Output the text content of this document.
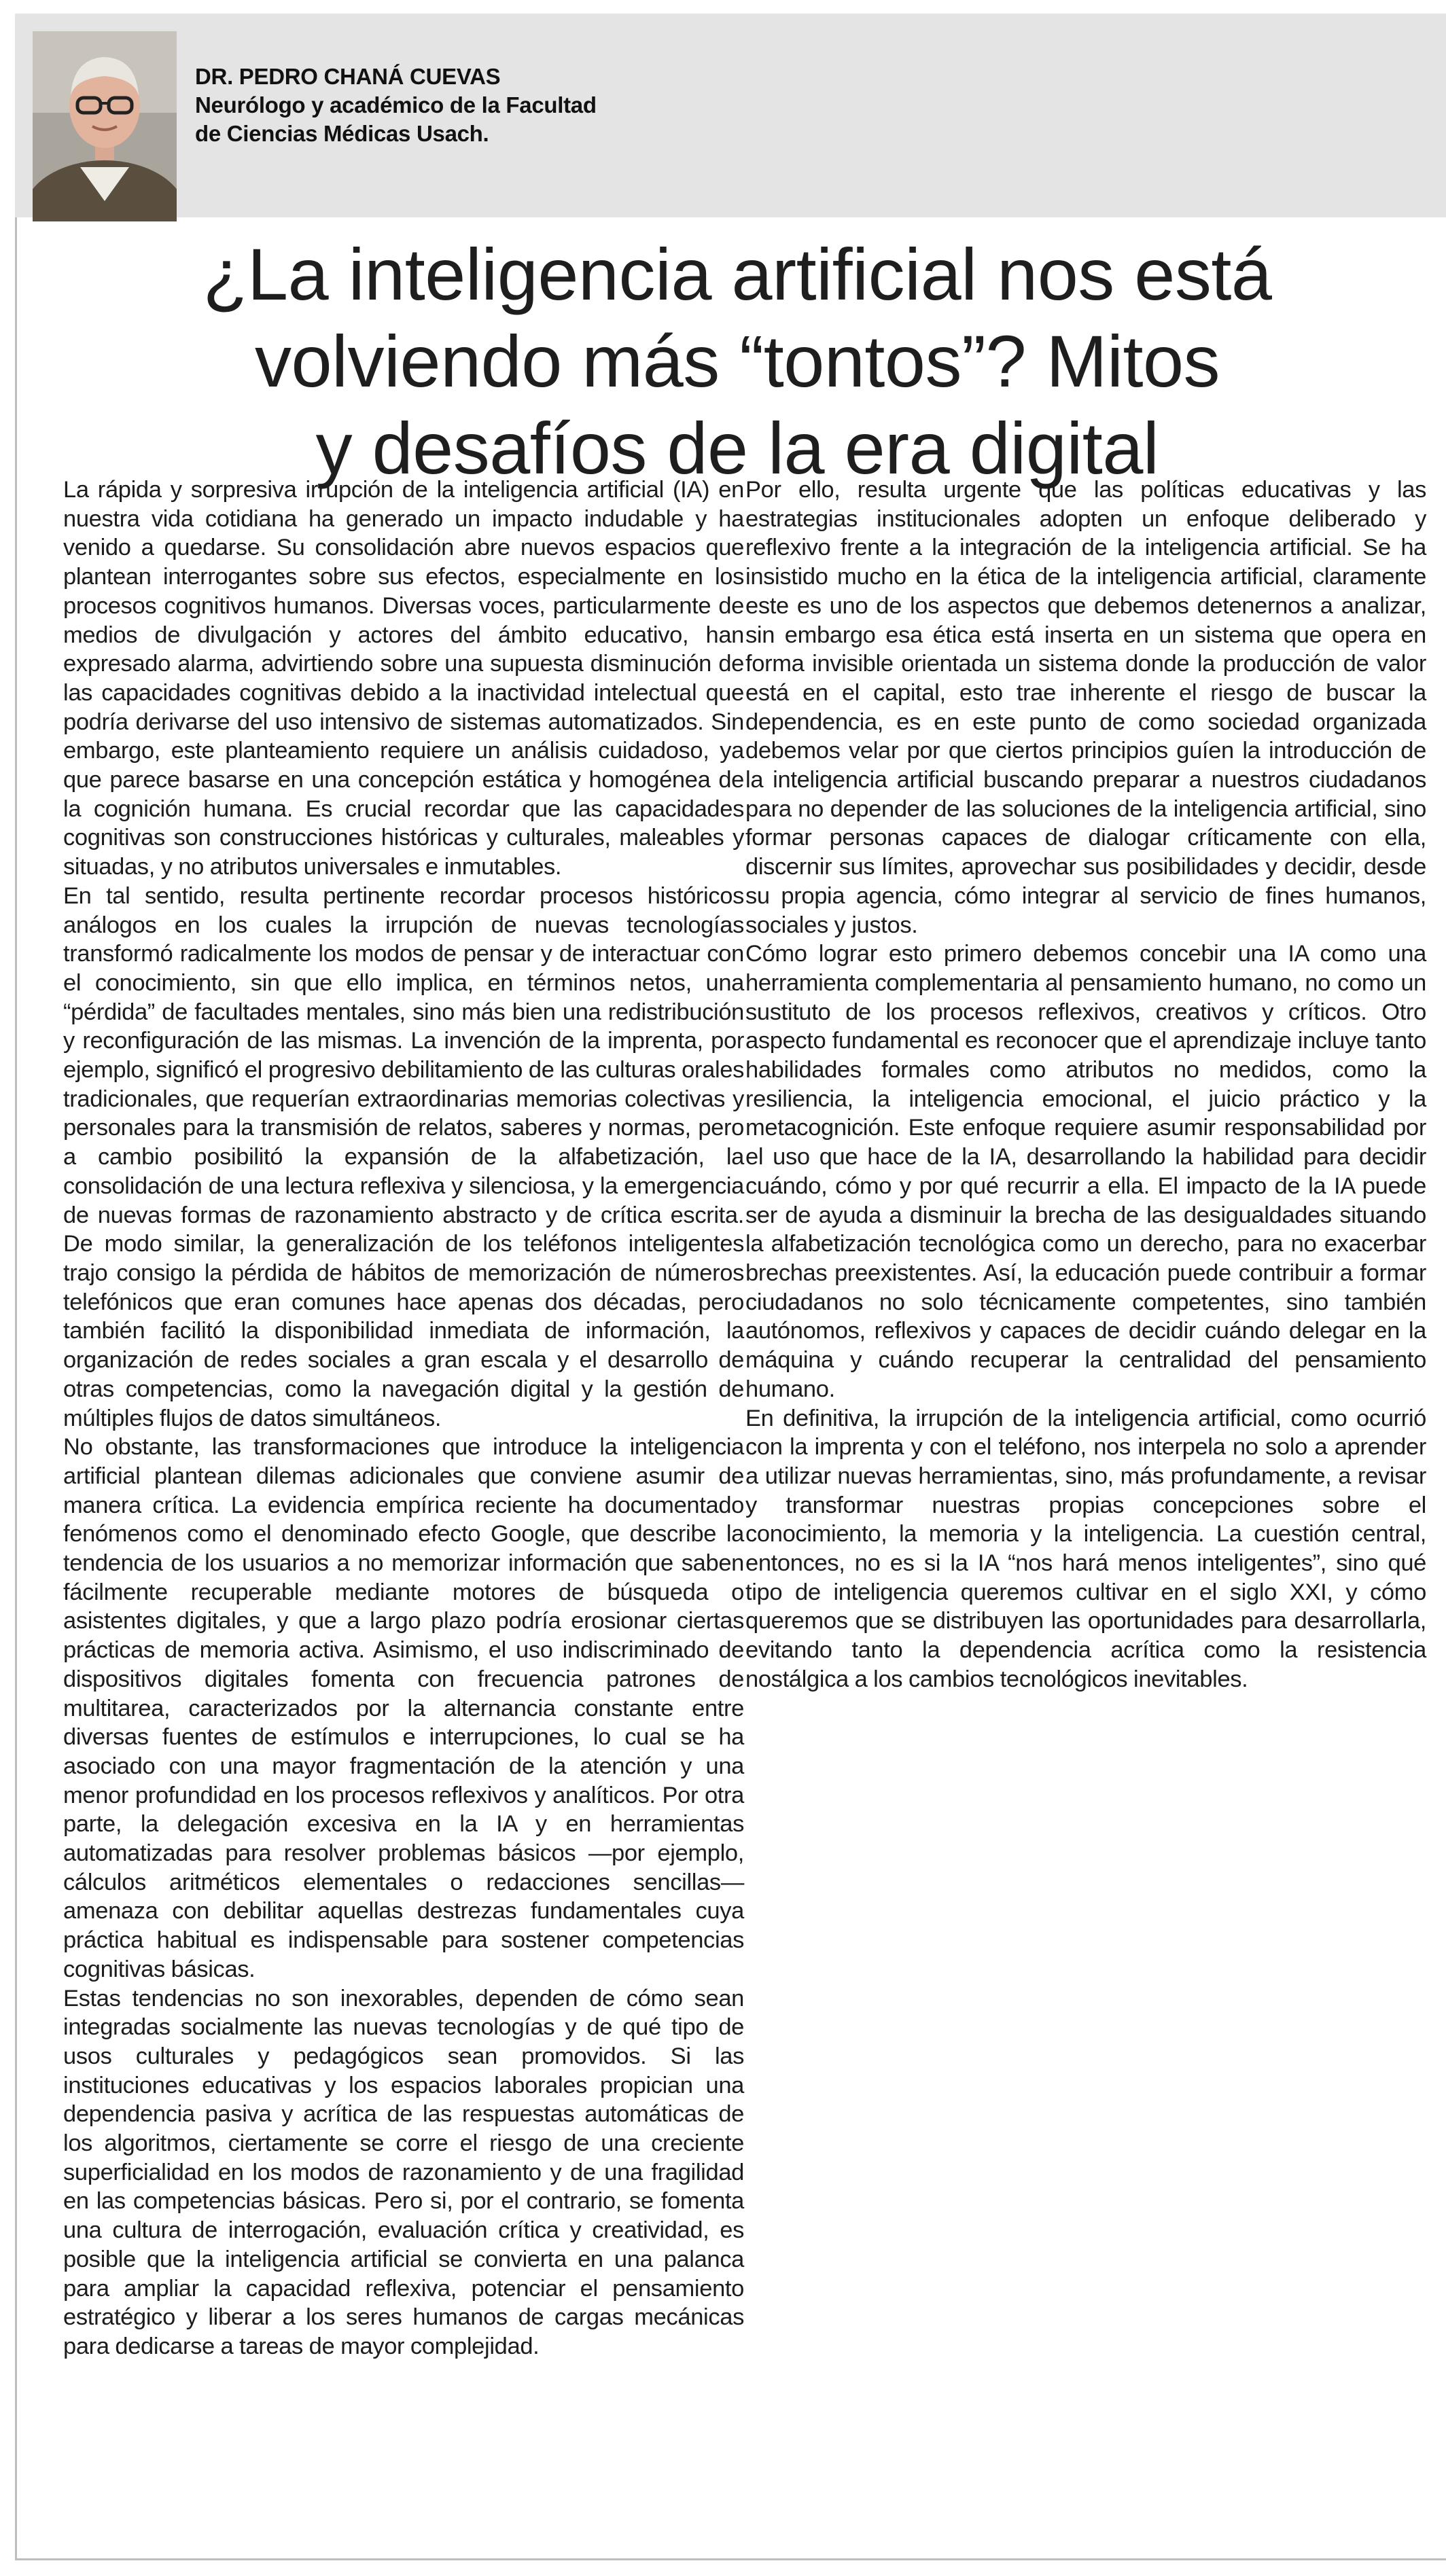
DR. PEDRO CHANÁ CUEVAS
Neurólogo y académico de la Facultad
de Ciencias Médicas Usach.
¿La inteligencia artificial nos está
volviendo más “tontos”? Mitos
y desafíos de la era digital

La rápida y sorpresiva irrupción de la inteligencia artificial (IA) en nuestra vida cotidiana ha generado un impacto indudable y ha venido a quedarse. Su consolidación abre nuevos espacios que plantean interrogantes sobre sus efectos, especialmente en los procesos cognitivos humanos. Diversas voces, particularmente de medios de divulgación y actores del ámbito educativo, han expresado alarma, advirtiendo sobre una supuesta disminución de las capacidades cognitivas debido a la inactividad intelectual que podría derivarse del uso intensivo de sistemas automatizados. Sin embargo, este planteamiento requiere un análisis cuidadoso, ya que parece basarse en una concepción estática y homogénea de la cognición humana. Es crucial recordar que las capacidades cognitivas son construcciones históricas y culturales, maleables y situadas, y no atributos universales e inmutables.

En tal sentido, resulta pertinente recordar procesos históricos análogos en los cuales la irrupción de nuevas tecnologías transformó radicalmente los modos de pensar y de interactuar con el conocimiento, sin que ello implica, en términos netos, una “pérdida” de facultades mentales, sino más bien una redistribución y reconfiguración de las mismas. La invención de la imprenta, por ejemplo, significó el progresivo debilitamiento de las culturas orales tradicionales, que requerían extraordinarias memorias colectivas y personales para la transmisión de relatos, saberes y normas, pero a cambio posibilitó la expansión de la alfabetización, la consolidación de una lectura reflexiva y silenciosa, y la emergencia de nuevas formas de razonamiento abstracto y de crítica escrita. De modo similar, la generalización de los teléfonos inteligentes trajo consigo la pérdida de hábitos de memorización de números telefónicos que eran comunes hace apenas dos décadas, pero también facilitó la disponibilidad inmediata de información, la organización de redes sociales a gran escala y el desarrollo de otras competencias, como la navegación digital y la gestión de múltiples flujos de datos simultáneos.

No obstante, las transformaciones que introduce la inteligencia artificial plantean dilemas adicionales que conviene asumir de manera crítica. La evidencia empírica reciente ha documentado fenómenos como el denominado efecto Google, que describe la tendencia de los usuarios a no memorizar información que saben fácilmente recuperable mediante motores de búsqueda o asistentes digitales, y que a largo plazo podría erosionar ciertas prácticas de memoria activa. Asimismo, el uso indiscriminado de dispositivos digitales fomenta con frecuencia patrones de multitarea, caracterizados por la alternancia constante entre diversas fuentes de estímulos e interrupciones, lo cual se ha asociado con una mayor fragmentación de la atención y una menor profundidad en los procesos reflexivos y analíticos. Por otra parte, la delegación excesiva en la IA y en herramientas automatizadas para resolver problemas básicos —por ejemplo, cálculos aritméticos elementales o redacciones sencillas— amenaza con debilitar aquellas destrezas fundamentales cuya práctica habitual es indispensable para sostener competencias cognitivas básicas.

Estas tendencias no son inexorables, dependen de cómo sean integradas socialmente las nuevas tecnologías y de qué tipo de usos culturales y pedagógicos sean promovidos. Si las instituciones educativas y los espacios laborales propician una dependencia pasiva y acrítica de las respuestas automáticas de los algoritmos, ciertamente se corre el riesgo de una creciente superficialidad en los modos de razonamiento y de una fragilidad en las competencias básicas. Pero si, por el contrario, se fomenta una cultura de interrogación, evaluación crítica y creatividad, es posible que la inteligencia artificial se convierta en una palanca para ampliar la capacidad reflexiva, potenciar el pensamiento estratégico y liberar a los seres humanos de cargas mecánicas para dedicarse a tareas de mayor complejidad.

Por ello, resulta urgente que las políticas educativas y las estrategias institucionales adopten un enfoque deliberado y reflexivo frente a la integración de la inteligencia artificial. Se ha insistido mucho en la ética de la inteligencia artificial, claramente este es uno de los aspectos que debemos detenernos a analizar, sin embargo esa ética está inserta en un sistema que opera en forma invisible orientada un sistema donde la producción de valor está en el capital, esto trae inherente el riesgo de buscar la dependencia, es en este punto de como sociedad organizada debemos velar por que ciertos principios guíen la introducción de la inteligencia artificial buscando preparar a nuestros ciudadanos para no depender de las soluciones de la inteligencia artificial, sino formar personas capaces de dialogar críticamente con ella, discernir sus límites, aprovechar sus posibilidades y decidir, desde su propia agencia, cómo integrar al servicio de fines humanos, sociales y justos.

Cómo lograr esto primero debemos concebir una IA como una herramienta complementaria al pensamiento humano, no como un sustituto de los procesos reflexivos, creativos y críticos. Otro aspecto fundamental es reconocer que el aprendizaje incluye tanto habilidades formales como atributos no medidos, como la resiliencia, la inteligencia emocional, el juicio práctico y la metacognición. Este enfoque requiere asumir responsabilidad por el uso que hace de la IA, desarrollando la habilidad para decidir cuándo, cómo y por qué recurrir a ella. El impacto de la IA puede ser de ayuda a disminuir la brecha de las desigualdades situando la alfabetización tecnológica como un derecho, para no exacerbar brechas preexistentes. Así, la educación puede contribuir a formar ciudadanos no solo técnicamente competentes, sino también autónomos, reflexivos y capaces de decidir cuándo delegar en la máquina y cuándo recuperar la centralidad del pensamiento humano.

En definitiva, la irrupción de la inteligencia artificial, como ocurrió con la imprenta y con el teléfono, nos interpela no solo a aprender a utilizar nuevas herramientas, sino, más profundamente, a revisar y transformar nuestras propias concepciones sobre el conocimiento, la memoria y la inteligencia. La cuestión central, entonces, no es si la IA “nos hará menos inteligentes”, sino qué tipo de inteligencia queremos cultivar en el siglo XXI, y cómo queremos que se distribuyen las oportunidades para desarrollarla, evitando tanto la dependencia acrítica como la resistencia nostálgica a los cambios tecnológicos inevitables.
